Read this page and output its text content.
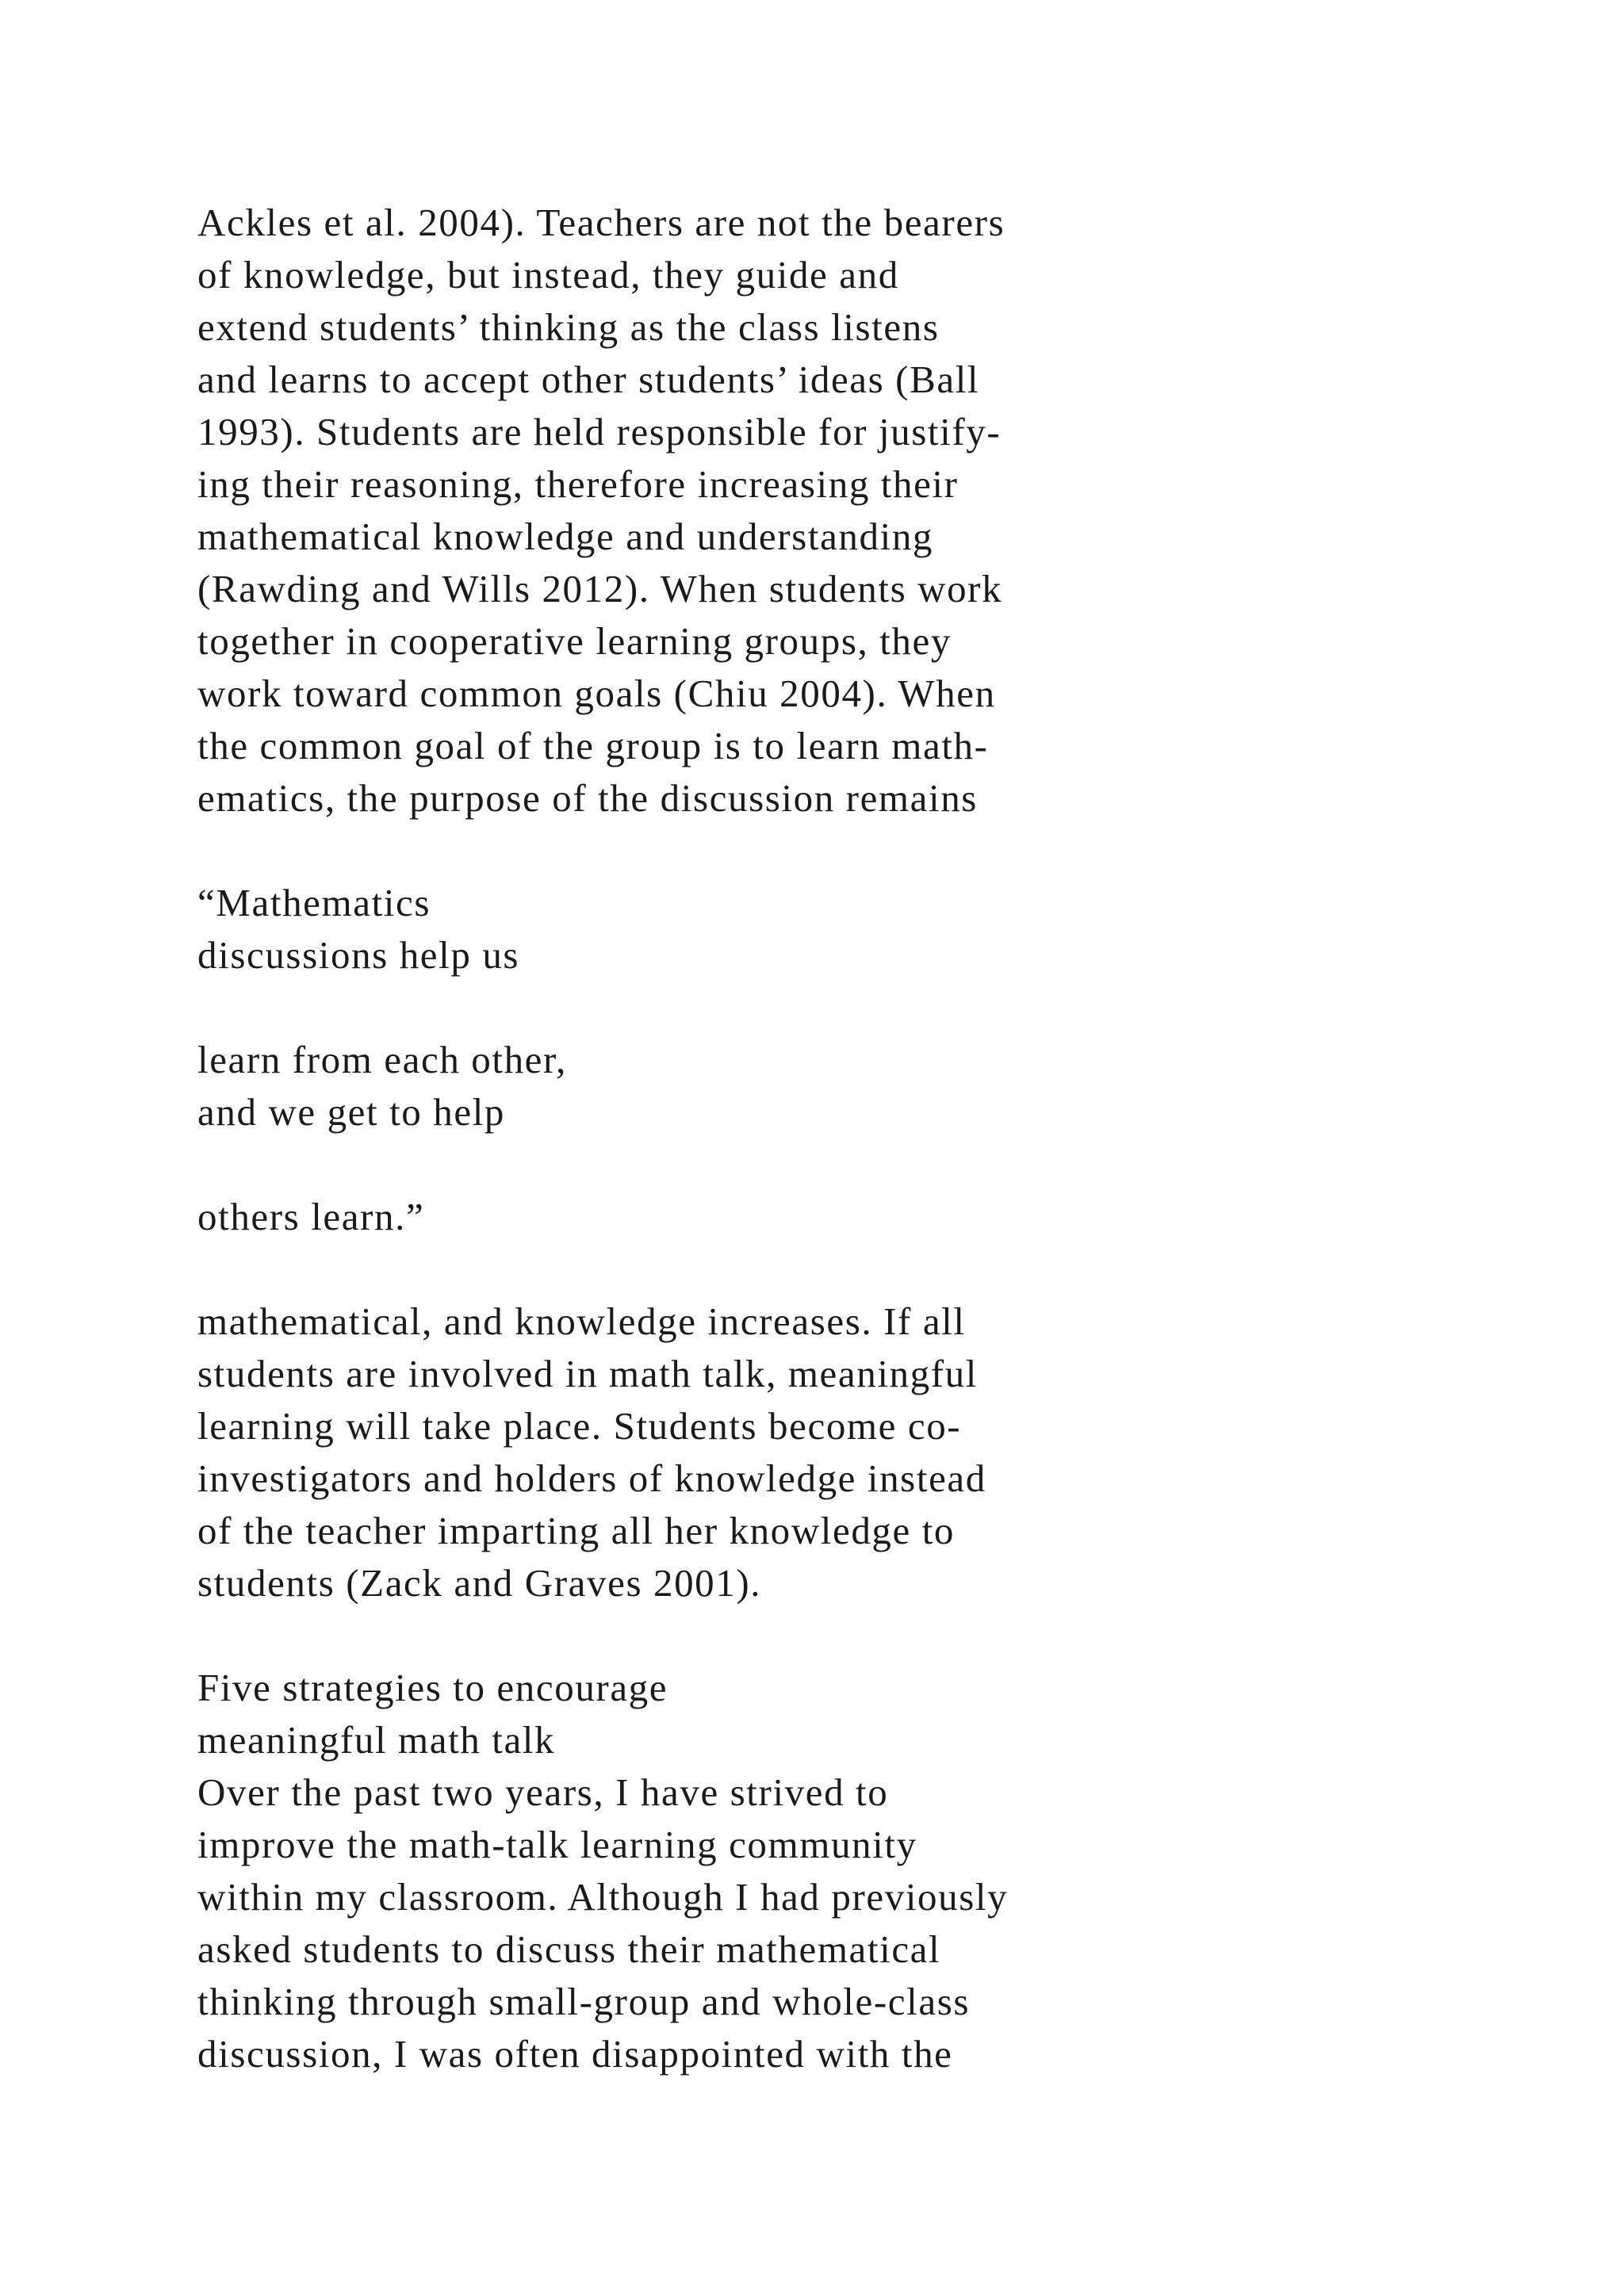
Ackles et al. 2004). Teachers are not the bearers

of knowledge, but instead, they guide and

extend students’ thinking as the class listens

and learns to accept other students’ ideas (Ball

1993). Students are held responsible for justify-

ing their reasoning, therefore increasing their

mathematical knowledge and understanding

(Rawding and Wills 2012). When students work

together in cooperative learning groups, they

work toward common goals (Chiu 2004). When

the common goal of the group is to learn math-

ematics, the purpose of the discussion remains

“Mathematics

discussions help us

learn from each other,

and we get to help

others learn.”

mathematical, and knowledge increases. If all

students are involved in math talk, meaningful

learning will take place. Students become co-

investigators and holders of knowledge instead

of the teacher imparting all her knowledge to

students (Zack and Graves 2001).

Five strategies to encourage

meaningful math talk

Over the past two years, I have strived to

improve the math-talk learning community

within my classroom. Although I had previously

asked students to discuss their mathematical

thinking through small-group and whole-class

discussion, I was often disappointed with the
